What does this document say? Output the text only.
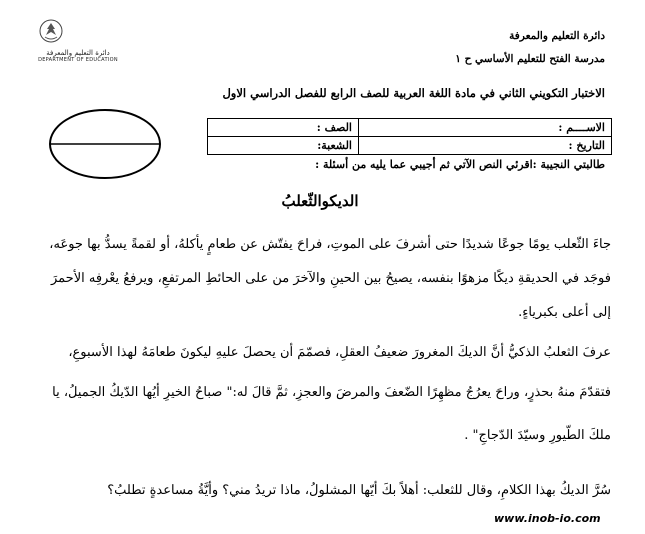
دائرة التعليم والمعرفة
DEPARTMENT OF EDUCATION
دائرة التعليم والمعرفة
مدرسة الفتح للتعليم الأساسي ح ١
الاختبار التكويني الثاني في مادة اللغة العربية للصف الرابع للفصل الدراسي الاول
الاســــم :	الصف :
التاريخ :	الشعبة:
طالبتي النجيبة :اقرئي النص الآتي ثم أجيبي عما يليه من أسئلة :
الديكوالثّعلبُ
جاءَ الثّعلب يومًا جوعًا شديدًا حتى أشرفَ على الموتِ، فراحَ يفتّش عن طعامٍ يأكلهُ، أو لقمةً يسدُّ بها جوعَه،
فوجَد في الحديقةِ ديكًا مزهوًا بنفسه، يصيحُ بين الحينِ والآخرَ من على الحائطِ المرتفعِ، ويرفعُ يعْرفِه الأحمرَ
إلى أعلى بكبرياءٍ.
عرفَ الثعلبُ الذكيُّ أنَّ الديكَ المغرورَ ضعيفُ العقلِ، فصمّمَ أن يحصلَ عليهِ ليكونَ طعامَهُ لهذا الأسبوعِ،
فتقدّمَ منهُ بحذرٍ، وراحَ يعرُجُ مظهِرًا الضّعفَ والمرضَ والعجزِ، ثمَّ قالَ له:" صباحُ الخيرِ أيُها الدّيكُ الجميلُ، يا
ملكَ الطّيورِ وسيّدَ الدّجاجِ" .
سُرَّ الديكُ بهذا الكلامِ، وقال للثعلب: أهلاً بكَ أيّها المشلولُ، ماذا تريدُ مني؟ وأيَّةُ مساعدةٍ تطلبُ؟
www.inob-io.com
